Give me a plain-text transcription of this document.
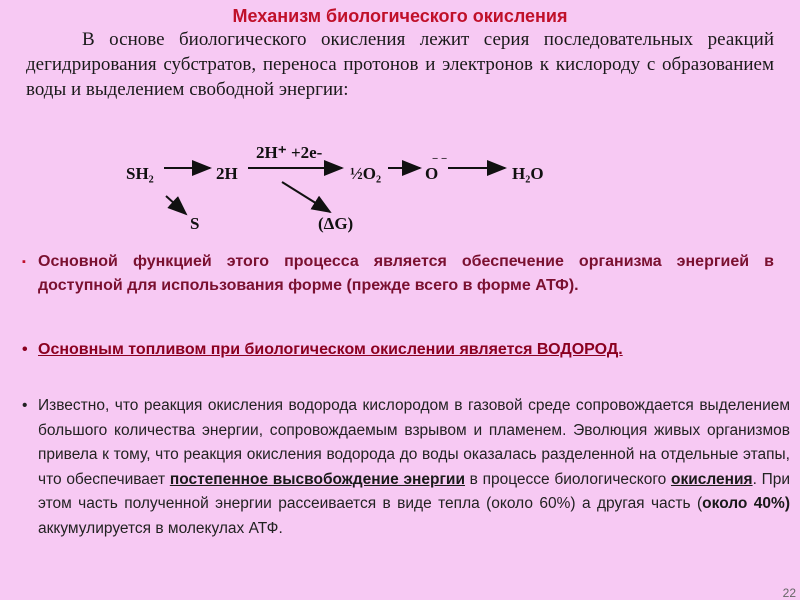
Механизм биологического окисления
В основе биологического окисления лежит серия последовательных реакций дегидрирования субстратов, переноса протонов и электронов к кислороду с образованием воды и выделением свободной энергии:
SH₂	2H
2H⁺ +2e-
½O₂	O
− −
H₂O
S	(ΔG)
▪ Основной функцией этого процесса является обеспечение организма энергией в доступной для использования форме (прежде всего в форме АТФ).
• Основным топливом при биологическом окислении является ВОДОРОД.
• Известно, что реакция окисления водорода кислородом в газовой среде сопровождается выделением большого количества энергии, сопровождаемым взрывом и пламенем. Эволюция живых организмов привела к тому, что реакция окисления водорода до воды оказалась разделенной на отдельные этапы, что обеспечивает постепенное высвобождение энергии в процессе биологического окисления. При этом часть полученной энергии рассеивается в виде тепла (около 60%) а другая часть (около 40%) аккумулируется в молекулах АТФ.
22
